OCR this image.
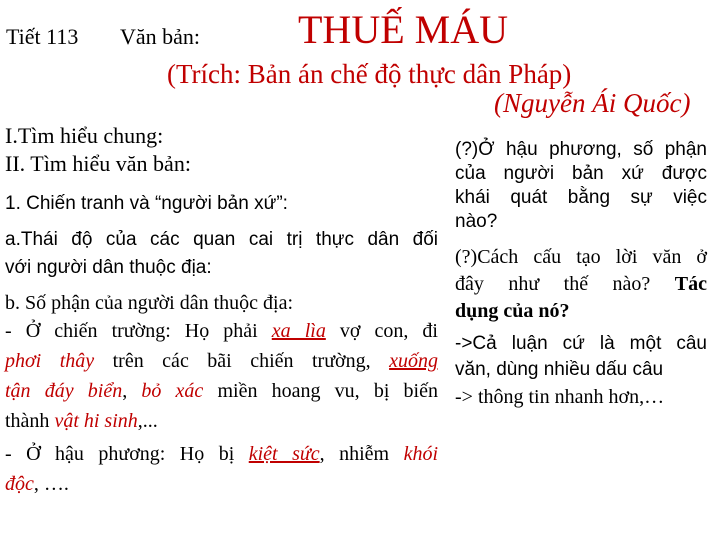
Tiết 113 Văn bản: THUẾ MÁU
(Trích: Bản án chế độ thực dân Pháp)
(Nguyễn Ái Quốc)
I.Tìm hiểu chung:
II. Tìm hiểu văn bản:
1. Chiến tranh và “người bản xứ”:
a.Thái độ của các quan cai trị thực dân đối
với người dân thuộc địa:
b. Số phận của người dân thuộc địa:
- Ở chiến trường: Họ phải xa lìa vợ con, đi
phơi thây trên các bãi chiến trường, xuống
tận đáy biển, bỏ xác miền hoang vu, bị biến
thành vật hi sinh,...
- Ở hậu phương: Họ bị kiệt sức, nhiễm khói
độc, ….
(?)Ở hậu phương, số phận
của người bản xứ được
khái quát bằng sự việc
nào?
(?)Cách cấu tạo lời văn ở
đây như thế nào? Tác
dụng của nó?
->Cả luận cứ là một câu
văn, dùng nhiều dấu câu
-> thông tin nhanh hơn,…
